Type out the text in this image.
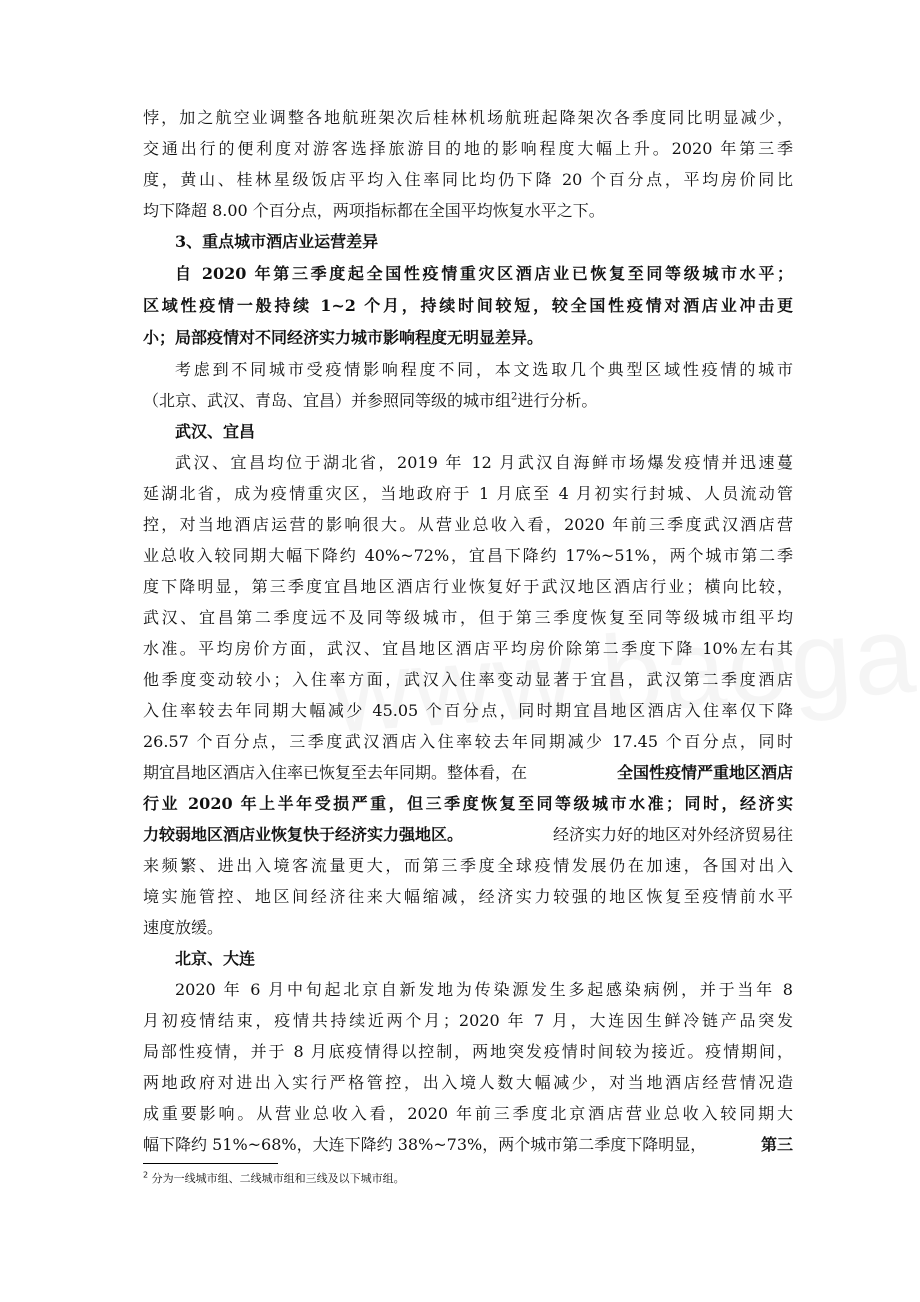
悖，加之航空业调整各地航班架次后桂林机场航班起降架次各季度同比明显减少，
交通出行的便利度对游客选择旅游目的地的影响程度大幅上升。2020 年第三季
度，黄山、桂林星级饭店平均入住率同比均仍下降 20 个百分点，平均房价同比
均下降超 8.00 个百分点，两项指标都在全国平均恢复水平之下。
3、重点城市酒店业运营差异
自 2020 年第三季度起全国性疫情重灾区酒店业已恢复至同等级城市水平；
区域性疫情一般持续 1~2 个月，持续时间较短，较全国性疫情对酒店业冲击更
小；局部疫情对不同经济实力城市影响程度无明显差异。
考虑到不同城市受疫情影响程度不同，本文选取几个典型区域性疫情的城市
（北京、武汉、青岛、宜昌）并参照同等级的城市组$^2$进行分析。
武汉、宜昌
武汉、宜昌均位于湖北省，2019 年 12 月武汉自海鲜市场爆发疫情并迅速蔓
延湖北省，成为疫情重灾区，当地政府于 1 月底至 4 月初实行封城、人员流动管
控，对当地酒店运营的影响很大。从营业总收入看，2020 年前三季度武汉酒店营
业总收入较同期大幅下降约 40%~72%，宜昌下降约 17%~51%，两个城市第二季
度下降明显，第三季度宜昌地区酒店行业恢复好于武汉地区酒店行业；横向比较，
武汉、宜昌第二季度远不及同等级城市，但于第三季度恢复至同等级城市组平均
水准。平均房价方面，武汉、宜昌地区酒店平均房价除第二季度下降 10%左右其
他季度变动较小；入住率方面，武汉入住率变动显著于宜昌，武汉第二季度酒店
入住率较去年同期大幅减少 45.05 个百分点，同时期宜昌地区酒店入住率仅下降
26.57 个百分点，三季度武汉酒店入住率较去年同期减少 17.45 个百分点，同时
期宜昌地区酒店入住率已恢复至去年同期。整体看，在	全国性疫情严重地区酒店
行业 2020 年上半年受损严重，但三季度恢复至同等级城市水准；同时，经济实
力较弱地区酒店业恢复快于经济实力强地区。	经济实力好的地区对外经济贸易往
来频繁、进出入境客流量更大，而第三季度全球疫情发展仍在加速，各国对出入
境实施管控、地区间经济往来大幅缩减，经济实力较强的地区恢复至疫情前水平
速度放缓。
北京、大连
2020 年 6 月中旬起北京自新发地为传染源发生多起感染病例，并于当年 8
月初疫情结束，疫情共持续近两个月；2020 年 7 月，大连因生鲜冷链产品突发
局部性疫情，并于 8 月底疫情得以控制，两地突发疫情时间较为接近。疫情期间，
两地政府对进出入实行严格管控，出入境人数大幅减少，对当地酒店经营情况造
成重要影响。从营业总收入看，2020 年前三季度北京酒店营业总收入较同期大
幅下降约 51%~68%，大连下降约 38%~73%，两个城市第二季度下降明显，	第三
$^2$ 分为一线城市组、二线城市组和三线及以下城市组。
